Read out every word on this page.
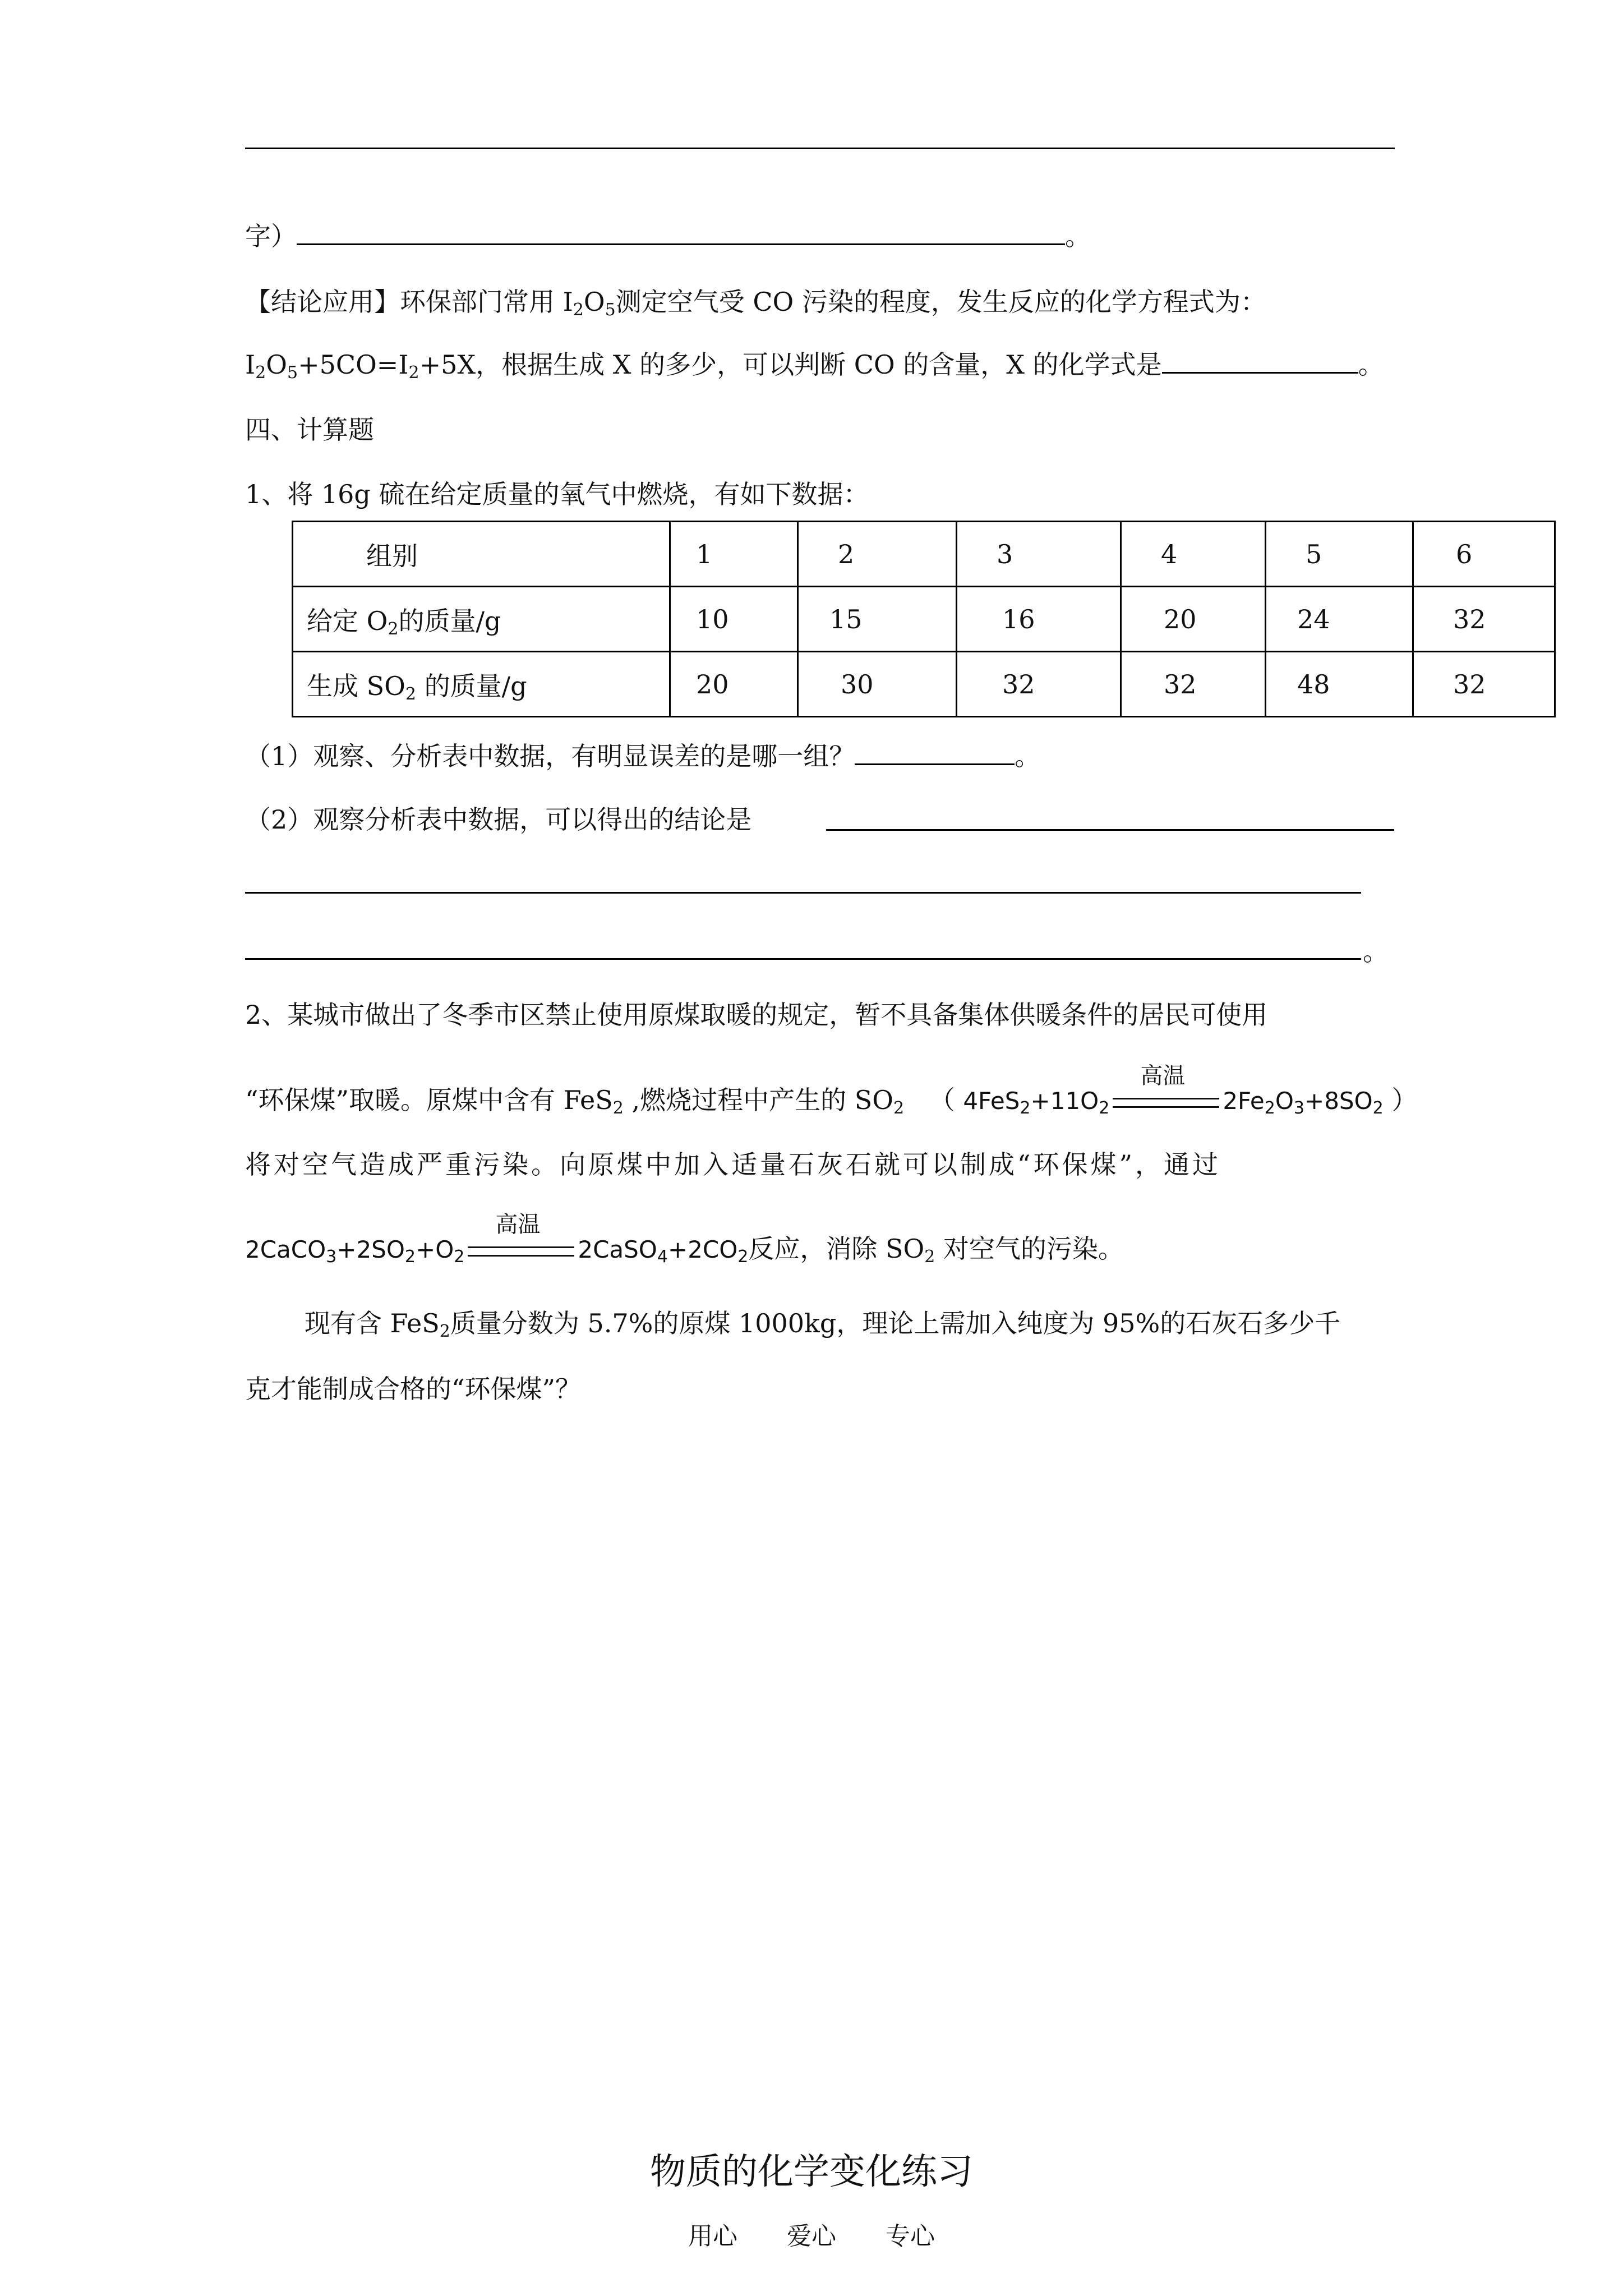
字）	。
【结论应用】环保部门常用 $I_2O_5$测定空气受 CO 污染的程度，发生反应的化学方程式为：
$I_2O_5+5CO=I_2+5X$，根据生成 X 的多少，可以判断 CO 的含量，X 的化学式是	。
四、计算题
1、将 16g 硫在给定质量的氧气中燃烧，有如下数据：
组别	1	2	3	4	5	6
给定 $O_2$的质量/g	10	15	16	20	24	32
生成 $SO_2$ 的质量/g	20	30	32	32	48	32
（1）观察、分析表中数据，有明显误差的是哪一组？	。
（2）观察分析表中数据，可以得出的结论是
。
2、某城市做出了冬季市区禁止使用原煤取暖的规定，暂不具备集体供暖条件的居民可使用
“环保煤”取暖。原煤中含有 FeS$_2$ ,燃烧过程中产生的 $SO_2$ （ $4FeS_2+11O_2$
高温
$2Fe_2O_3+8SO_2$ ）
将对空气造成严重污染。向原煤中加入适量石灰石就可以制成“环保煤”，通过
$2CaCO_3+2SO_2+O_2$
高温
$2CaSO_4+2CO_2$反应，消除 $SO_2$ 对空气的污染。
现有含 FeS$_2$质量分数为 5.7%的原煤 1000kg，理论上需加入纯度为 95%的石灰石多少千
克才能制成合格的“环保煤”？
物质的化学变化练习
用心　　爱心　　专心
